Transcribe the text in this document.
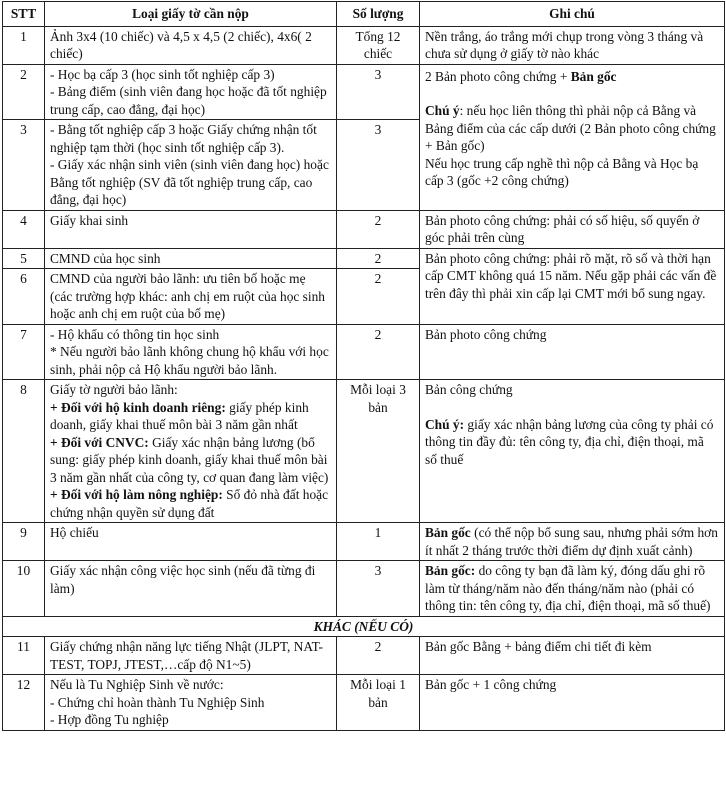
STT	Loại giấy tờ cần nộp	Số lượng	Ghi chú
1	Ảnh 3x4 (10 chiếc) và 4,5 x 4,5 (2 chiếc), 4x6( 2 chiếc)	Tổng 12 chiếc	Nền trắng, áo trắng mới chụp trong vòng 3 tháng và chưa sử dụng ở giấy tờ nào khác
2	- Học bạ cấp 3 (học sinh tốt nghiệp cấp 3)
- Bảng điểm (sinh viên đang học hoặc đã tốt nghiệp trung cấp, cao đẳng, đại học)	3	2 Bản photo công chứng + Bản gốc
Chú ý: nếu học liên thông thì phải nộp cả Bằng và Bảng điểm của các cấp dưới (2 Bản photo công chứng + Bản gốc)
Nếu học trung cấp nghề thì nộp cả Bằng và Học bạ cấp 3 (gốc +2 công chứng)

3	- Bằng tốt nghiệp cấp 3 hoặc Giấy chứng nhận tốt nghiệp tạm thời (học sinh tốt nghiệp cấp 3).
- Giấy xác nhận sinh viên (sinh viên đang học) hoặc Bằng tốt nghiệp (SV đã tốt nghiệp trung cấp, cao đẳng, đại học)	3	
4	Giấy khai sinh	2	Bản photo công chứng: phải có số hiệu, số quyển ở góc phải trên cùng
5	CMND của học sinh	2	Bản photo công chứng: phải rõ mặt, rõ số và thời hạn cấp CMT không quá 15 năm. Nếu gặp phải các vấn đề trên đây thì phải xin cấp lại CMT mới bổ sung ngay.
6	CMND của người bảo lãnh: ưu tiên bố hoặc mẹ (các trường hợp khác: anh chị em ruột của học sinh hoặc anh chị em ruột của bố mẹ)	2	
7	- Hộ khẩu có thông tin học sinh
* Nếu người bảo lãnh không chung hộ khẩu với học sinh, phải nộp cả Hộ khẩu người bảo lãnh.	2	Bản photo công chứng
8	Giấy tờ người bảo lãnh:
+ Đối với hộ kinh doanh riêng: giấy phép kinh doanh, giấy khai thuế môn bài 3 năm gần nhất
+ Đối với CNVC: Giấy xác nhận bảng lương (bổ sung: giấy phép kinh doanh, giấy khai thuế môn bài 3 năm gần nhất của công ty, cơ quan đang làm việc)
+ Đối với hộ làm nông nghiệp: Sổ đỏ nhà đất hoặc chứng nhận quyền sử dụng đất	Mỗi loại 3 bản	Bản công chứng
Chú ý: giấy xác nhận bảng lương của công ty phải có thông tin đầy đủ: tên công ty, địa chỉ, điện thoại, mã số thuế

9	Hộ chiếu	1	Bản gốc (có thể nộp bổ sung sau, nhưng phải sớm hơn ít nhất 2 tháng trước thời điểm dự định xuất cảnh)
10	Giấy xác nhận công việc học sinh (nếu đã từng đi làm)	3	Bản gốc: do công ty bạn đã làm ký, đóng dấu ghi rõ làm từ tháng/năm nào đến tháng/năm nào (phải có thông tin: tên công ty, địa chỉ, điện thoại, mã số thuế)
KHÁC (NẾU CÓ)			
11	Giấy chứng nhận năng lực tiếng Nhật (JLPT, NAT-TEST, TOPJ, JTEST,…cấp độ N1~5)	2	Bản gốc Bằng + bảng điểm chi tiết đi kèm
12	Nếu là Tu Nghiệp Sinh về nước:
- Chứng chỉ hoàn thành Tu Nghiệp Sinh
- Hợp đồng Tu nghiệp	Mỗi loại 1 bản	Bản gốc + 1 công chứng
